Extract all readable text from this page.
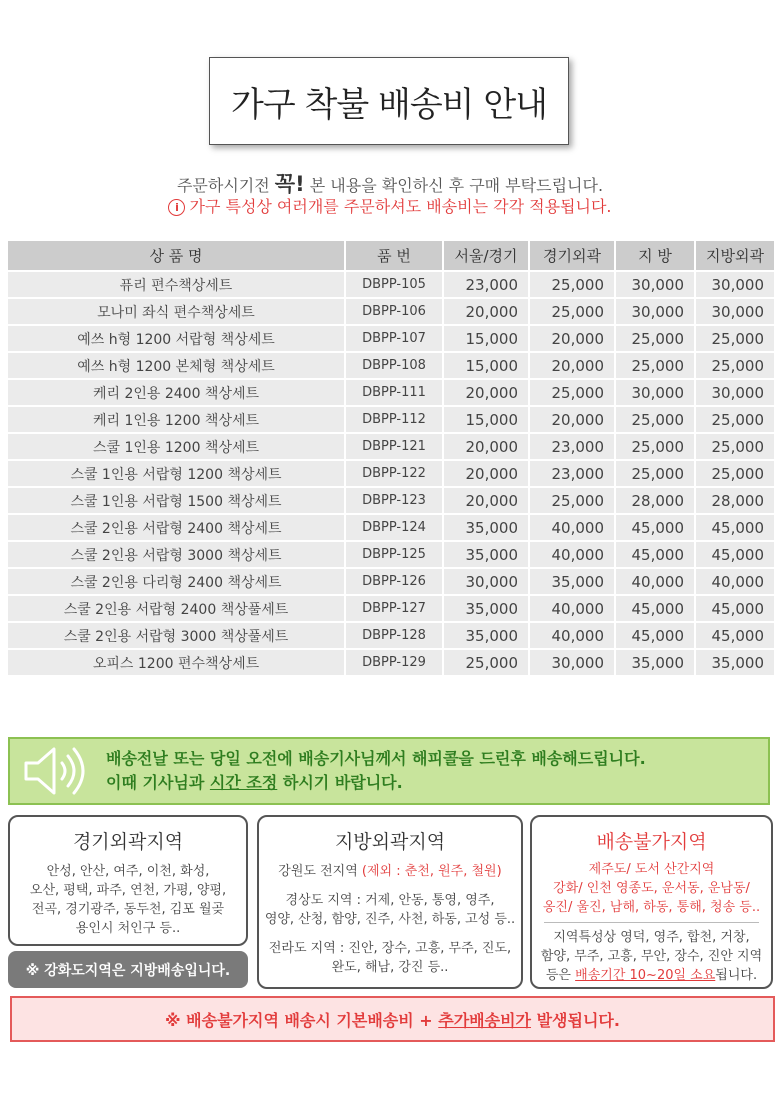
가구 착불 배송비 안내
주문하시기전 꼭! 본 내용을 확인하신 후 구매 부탁드립니다.
i 가구 특성상 여러개를 주문하셔도 배송비는 각각 적용됩니다.
상 품 명	품 번	서울/경기	경기외곽	지 방	지방외곽
퓨리 편수책상세트	DBPP-105	23,000	25,000	30,000	30,000
모나미 좌식 편수책상세트	DBPP-106	20,000	25,000	30,000	30,000
예쓰 h형 1200 서랍형 책상세트	DBPP-107	15,000	20,000	25,000	25,000
예쓰 h형 1200 본체형 책상세트	DBPP-108	15,000	20,000	25,000	25,000
케리 2인용 2400 책상세트	DBPP-111	20,000	25,000	30,000	30,000
케리 1인용 1200 책상세트	DBPP-112	15,000	20,000	25,000	25,000
스쿨 1인용 1200 책상세트	DBPP-121	20,000	23,000	25,000	25,000
스쿨 1인용 서랍형 1200 책상세트	DBPP-122	20,000	23,000	25,000	25,000
스쿨 1인용 서랍형 1500 책상세트	DBPP-123	20,000	25,000	28,000	28,000
스쿨 2인용 서랍형 2400 책상세트	DBPP-124	35,000	40,000	45,000	45,000
스쿨 2인용 서랍형 3000 책상세트	DBPP-125	35,000	40,000	45,000	45,000
스쿨 2인용 다리형 2400 책상세트	DBPP-126	30,000	35,000	40,000	40,000
스쿨 2인용 서랍형 2400 책상풀세트	DBPP-127	35,000	40,000	45,000	45,000
스쿨 2인용 서랍형 3000 책상풀세트	DBPP-128	35,000	40,000	45,000	45,000
오피스 1200 편수책상세트	DBPP-129	25,000	30,000	35,000	35,000
배송전날 또는 당일 오전에 배송기사님께서 해피콜을 드린후 배송해드립니다.
이때 기사님과 시간 조정 하시기 바랍니다.
경기외곽지역
안성, 안산, 여주, 이천, 화성,
오산, 평택, 파주, 연천, 가평, 양평,
전곡, 경기광주, 동두천, 김포 월곶
용인시 처인구 등..
※ 강화도지역은 지방배송입니다.
지방외곽지역
강원도 전지역 (제외 : 춘천, 원주, 철원)
경상도 지역 : 거제, 안동, 통영, 영주,
영양, 산청, 함양, 진주, 사천, 하동, 고성 등..
전라도 지역 : 진안, 장수, 고흥, 무주, 진도,
완도, 해남, 강진 등..
배송불가지역
제주도/ 도서 산간지역
강화/ 인천 영종도, 운서동, 운남동/
옹진/ 울진, 남해, 하동, 통해, 청송 등..
지역특성상 영덕, 영주, 합천, 거창,
함양, 무주, 고흥, 무안, 장수, 진안 지역
등은 배송기간 10~20일 소요됩니다.
※ 배송불가지역 배송시 기본배송비 +
추가배송비가
발생됩니다.
